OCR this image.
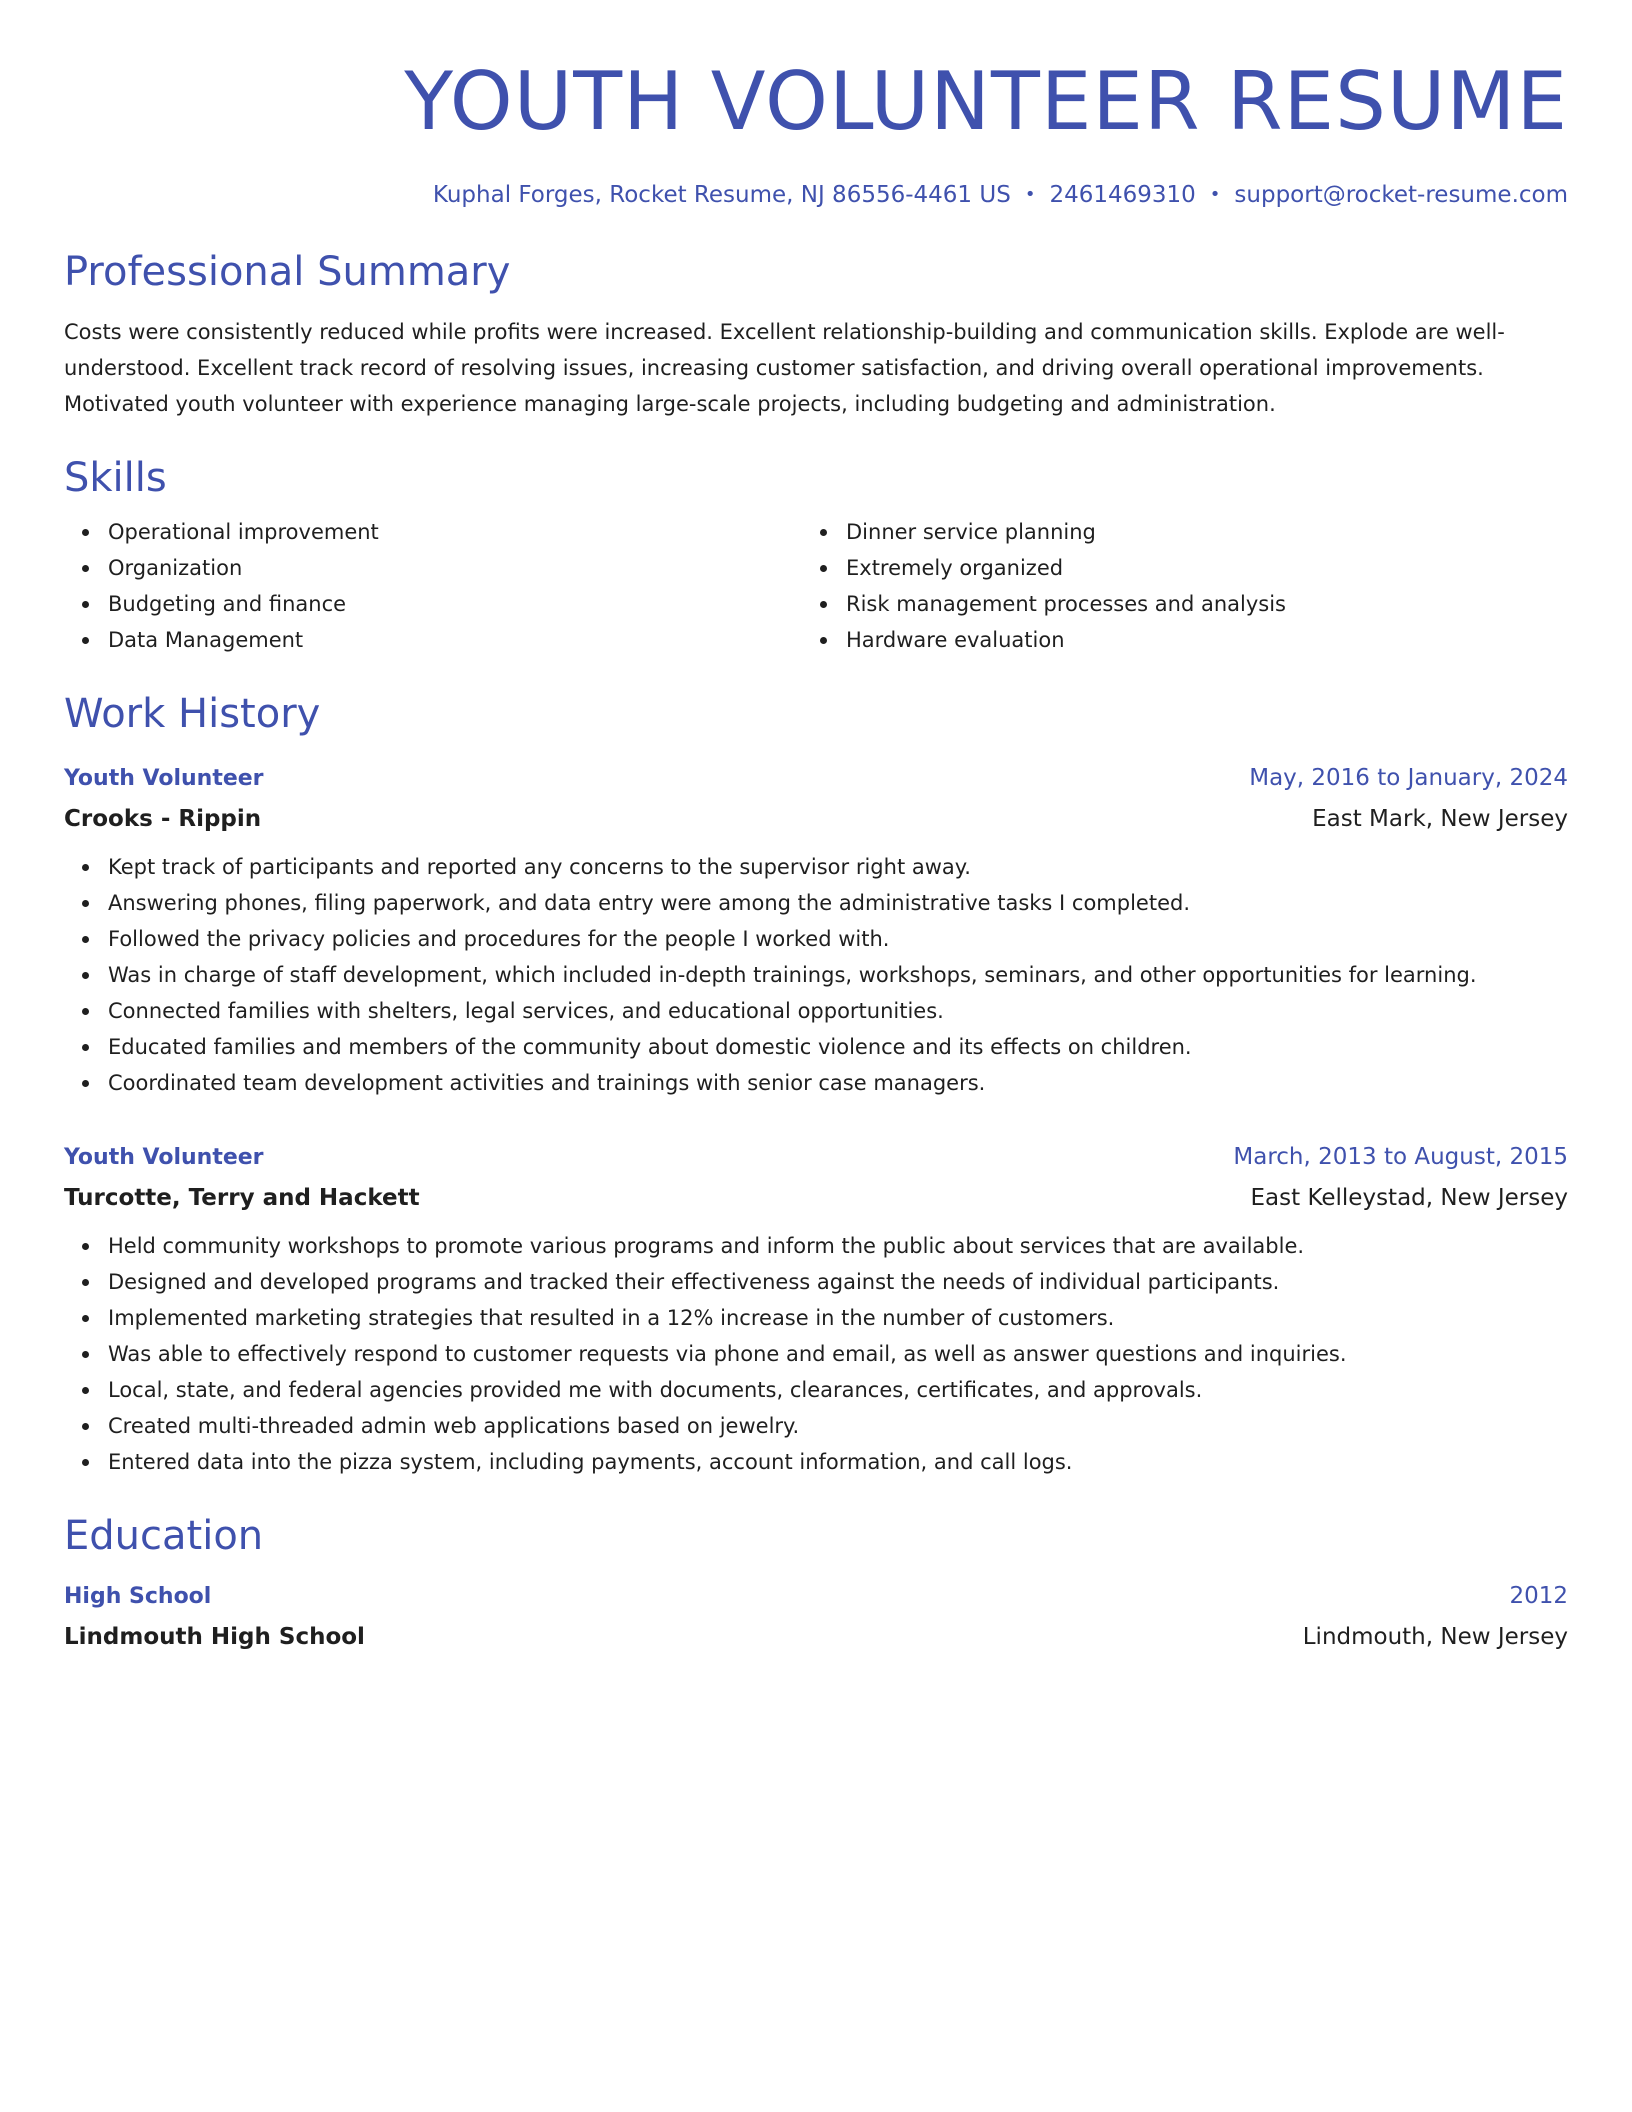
YOUTH VOLUNTEER RESUME
Kuphal Forges, Rocket Resume, NJ 86556-4461 US • 2461469310 • support@rocket-resume.com
Professional Summary

Costs were consistently reduced while profits were increased. Excellent relationship-building and communication skills. Explode are well-understood. Excellent track record of resolving issues, increasing customer satisfaction, and driving overall operational improvements. Motivated youth volunteer with experience managing large-scale projects, including budgeting and administration.

Skills
Operational improvement
Organization
Budgeting and finance
Data Management
Dinner service planning
Extremely organized
Risk management processes and analysis
Hardware evaluation
Work History
Youth Volunteer	May, 2016 to January, 2024
Crooks - Rippin	East Mark, New Jersey
Kept track of participants and reported any concerns to the supervisor right away.
Answering phones, filing paperwork, and data entry were among the administrative tasks I completed.
Followed the privacy policies and procedures for the people I worked with.
Was in charge of staff development, which included in-depth trainings, workshops, seminars, and other opportunities for learning.
Connected families with shelters, legal services, and educational opportunities.
Educated families and members of the community about domestic violence and its effects on children.
Coordinated team development activities and trainings with senior case managers.
Youth Volunteer	March, 2013 to August, 2015
Turcotte, Terry and Hackett	East Kelleystad, New Jersey
Held community workshops to promote various programs and inform the public about services that are available.
Designed and developed programs and tracked their effectiveness against the needs of individual participants.
Implemented marketing strategies that resulted in a 12% increase in the number of customers.
Was able to effectively respond to customer requests via phone and email, as well as answer questions and inquiries.
Local, state, and federal agencies provided me with documents, clearances, certificates, and approvals.
Created multi-threaded admin web applications based on jewelry.
Entered data into the pizza system, including payments, account information, and call logs.
Education
High School	2012
Lindmouth High School	Lindmouth, New Jersey
